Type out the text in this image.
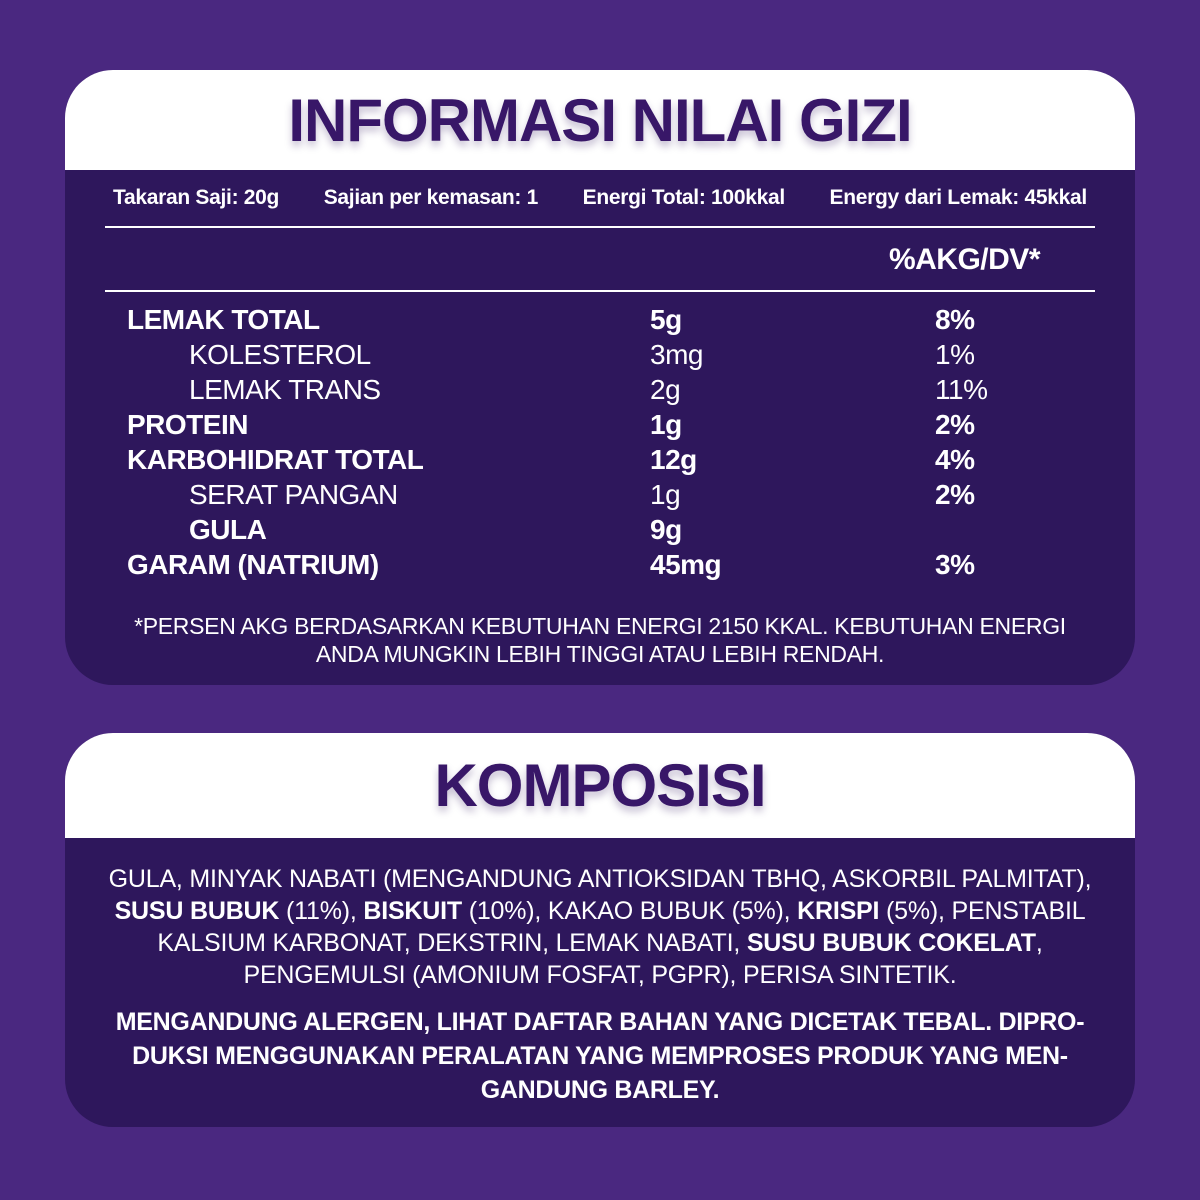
INFORMASI NILAI GIZI
Takaran Saji: 20g Sajian per kemasan: 1 Energi Total: 100kkal Energy dari Lemak: 45kkal
%AKG/DV*
LEMAK TOTAL	5g	8%
KOLESTEROL	3mg	1%
LEMAK TRANS	2g	11%
PROTEIN	1g	2%
KARBOHIDRAT TOTAL	12g	4%
SERAT PANGAN	1g	2%
GULA	9g
GARAM (NATRIUM)	45mg	3%
*PERSEN AKG BERDASARKAN KEBUTUHAN ENERGI 2150 KKAL. KEBUTUHAN ENERGI
ANDA MUNGKIN LEBIH TINGGI ATAU LEBIH RENDAH.
KOMPOSISI

GULA, MINYAK NABATI (MENGANDUNG ANTIOKSIDAN TBHQ, ASKORBIL PALMITAT), SUSU BUBUK (11%), BISKUIT (10%), KAKAO BUBUK (5%), KRISPI (5%), PENSTABIL KALSIUM KARBONAT, DEKSTRIN, LEMAK NABATI, SUSU BUBUK COKELAT, PENGEMULSI (AMONIUM FOSFAT, PGPR), PERISA SINTETIK.

MENGANDUNG ALERGEN, LIHAT DAFTAR BAHAN YANG DICETAK TEBAL. DIPRO-
DUKSI MENGGUNAKAN PERALATAN YANG MEMPROSES PRODUK YANG MEN-
GANDUNG BARLEY.
